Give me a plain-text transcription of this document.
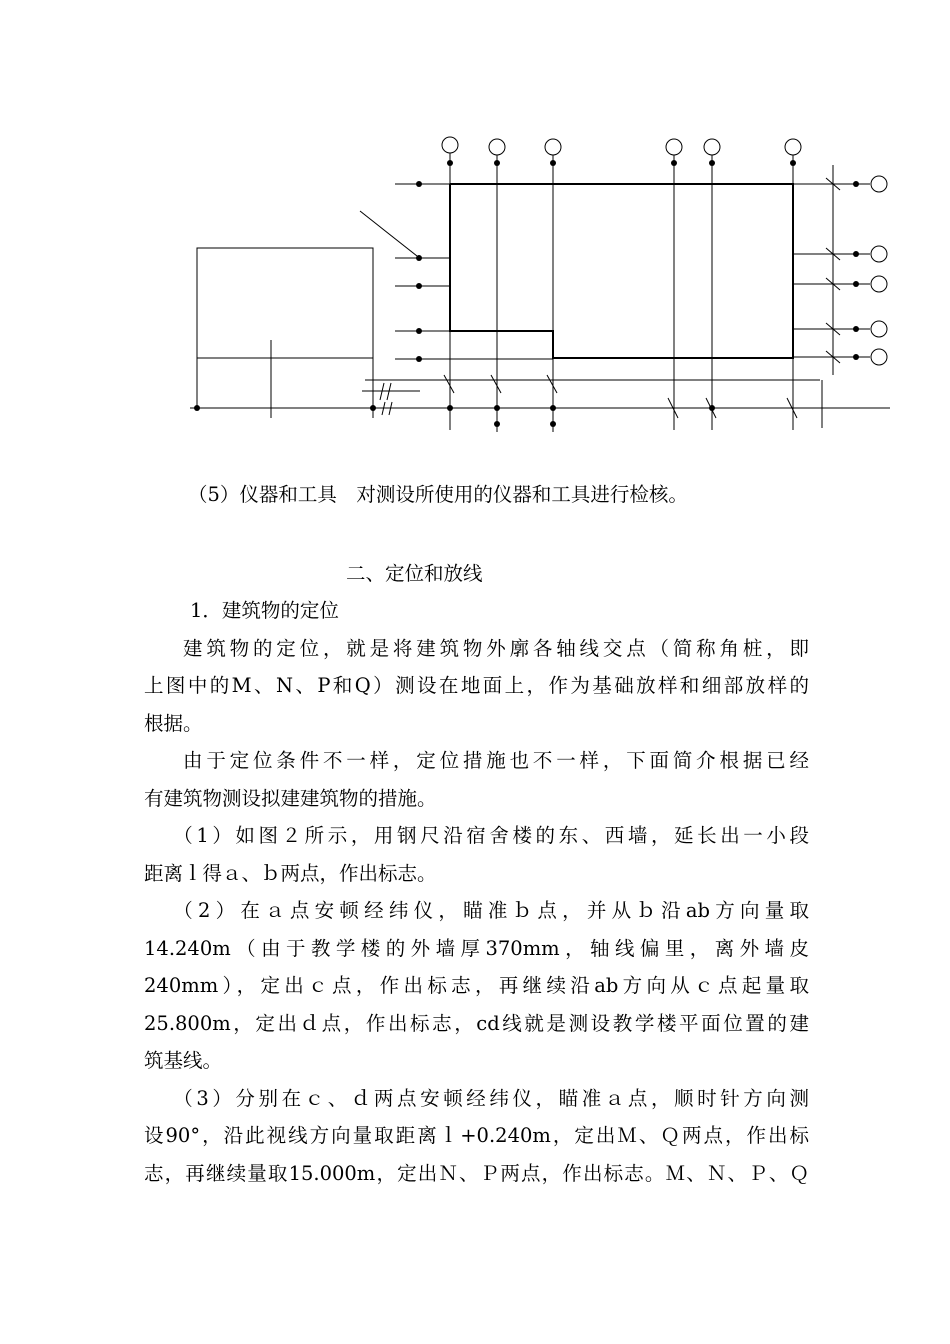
（5）仪器和工具　对测设所使用的仪器和工具进行检核。

二、定位和放线

1．建筑物的定位

建筑物的定位，就是将建筑物外廓各轴线交点（简称角桩，即

上图中的M、N、P和Q）测设在地面上，作为基础放样和细部放样的

根据。

由于定位条件不一样，定位措施也不一样，下面简介根据已经

有建筑物测设拟建建筑物的措施。

（1）如图２所示，用钢尺沿宿舍楼的东、西墙，延长出一小段

距离ｌ得ａ、ｂ两点，作出标志。

（2）在ａ点安顿经纬仪，瞄准ｂ点，并从ｂ沿ab方向量取

14.240m（由于教学楼的外墙厚370mm，轴线偏里，离外墙皮

240mm），定出ｃ点，作出标志，再继续沿ab方向从ｃ点起量取

25.800m，定出ｄ点，作出标志，cd线就是测设教学楼平面位置的建

筑基线。

（3）分别在ｃ、ｄ两点安顿经纬仪，瞄准ａ点，顺时针方向测

设90°，沿此视线方向量取距离ｌ+0.240m，定出Ｍ、Ｑ两点，作出标

志，再继续量取15.000m，定出Ｎ、Ｐ两点，作出标志。Ｍ、Ｎ、Ｐ、Ｑ
